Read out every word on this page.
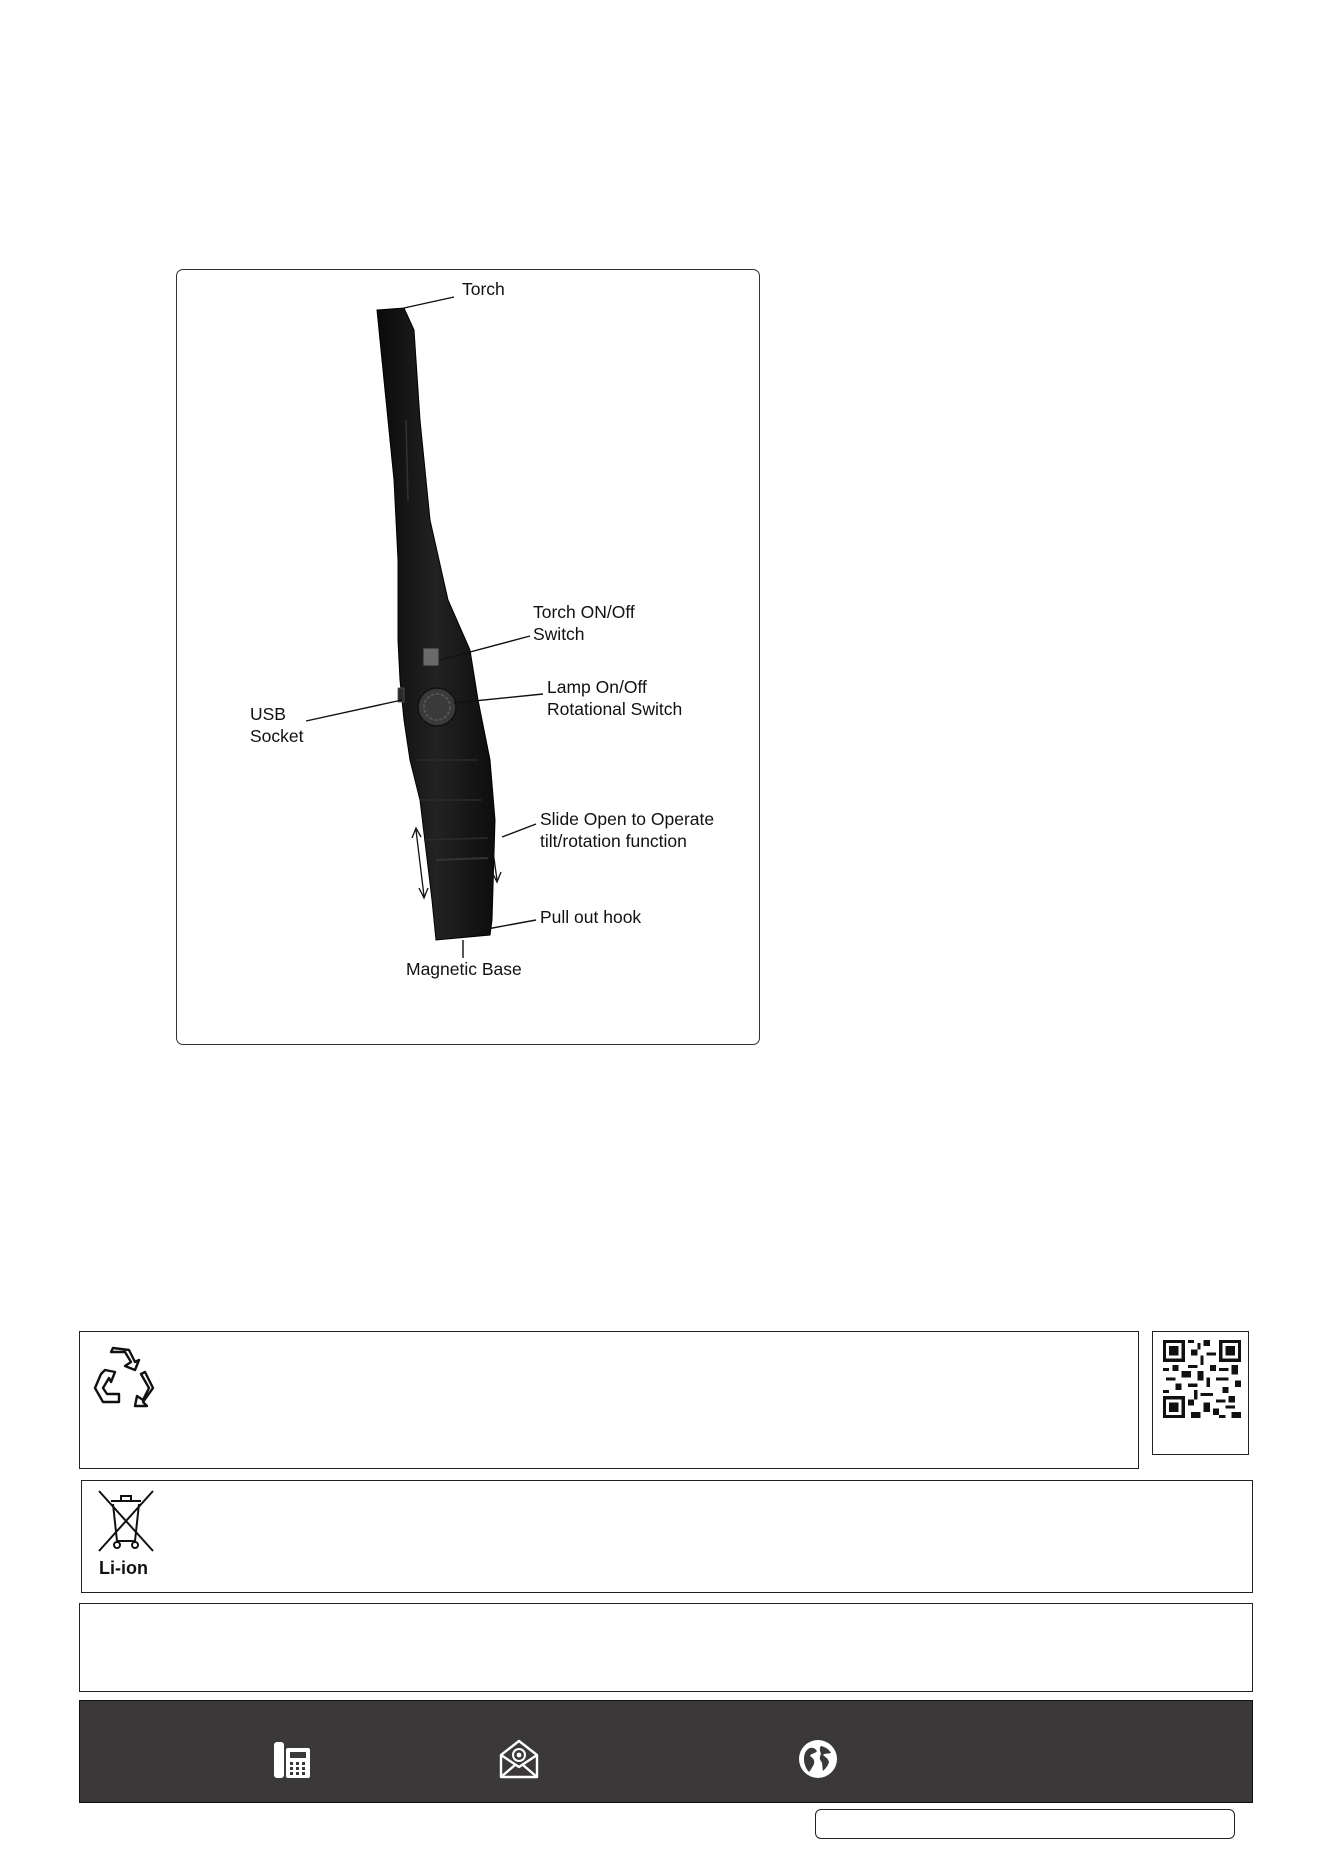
Torch
Torch ON/Off
Switch
Lamp On/Off
Rotational Switch
USB
Socket
Slide Open to Operate
tilt/rotation function
Pull out hook
Magnetic Base
Li-ion
